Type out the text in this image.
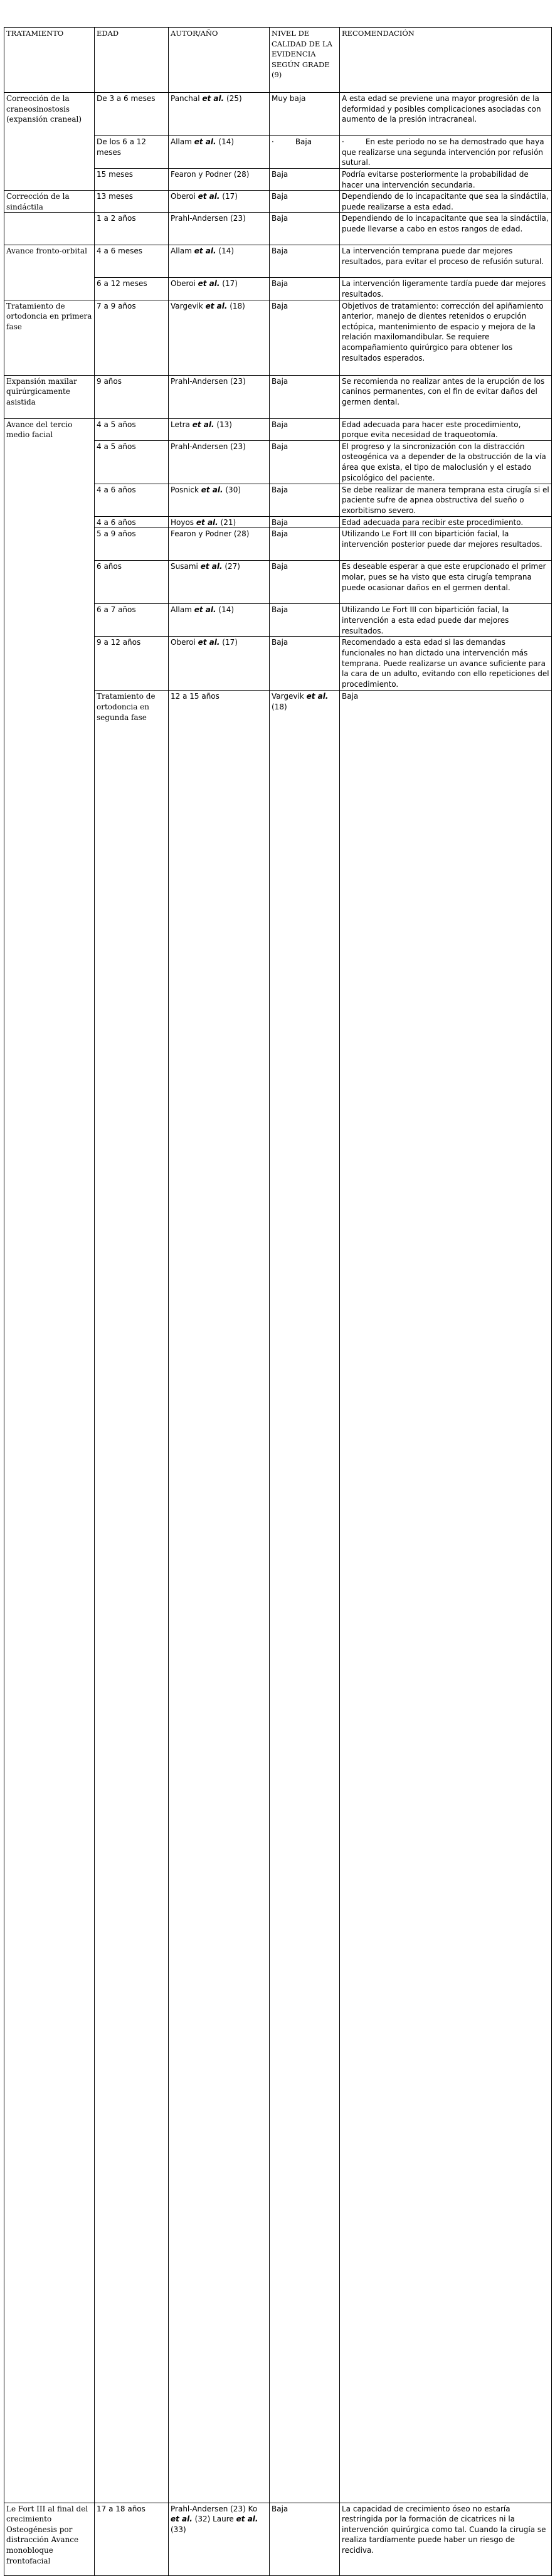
TRATAMIENTO	EDAD	AUTOR/AÑO	NIVEL DE CALIDAD DE LA EVIDENCIA SEGÚN GRADE (9)	RECOMENDACIÓN	
Corrección de la craneosinostosis (expansión craneal)	De 3 a 6 meses	Panchal et al. (25)	Muy baja	A esta edad se previene una mayor progresión de la deformidad y posibles complicaciones asociadas con aumento de la presión intracraneal.	
	De los 6 a 12 meses	Allam et al. (14)	· Baja	· En este periodo no se ha demostrado que haya que realizarse una segunda intervención por refusión sutural.	
	15 meses	Fearon y Podner (28)	Baja	Podría evitarse posteriormente la probabilidad de hacer una intervención secundaria.	
Corrección de la sindáctila	13 meses	Oberoi et al. (17)	Baja	Dependiendo de lo incapacitante que sea la sindáctila, puede realizarse a esta edad.	
	1 a 2 años	Prahl-Andersen (23)	Baja	Dependiendo de lo incapacitante que sea la sindáctila, puede llevarse a cabo en estos rangos de edad.	
Avance fronto-orbital	4 a 6 meses	Allam et al. (14)	Baja	La intervención temprana puede dar mejores resultados, para evitar el proceso de refusión sutural.	
	6 a 12 meses	Oberoi et al. (17)	Baja	La intervención ligeramente tardía puede dar mejores resultados.	
Tratamiento de ortodoncia en primera fase	7 a 9 años	Vargevik et al. (18)	Baja	Objetivos de tratamiento: corrección del apiñamiento anterior, manejo de dientes retenidos o erupción ectópica, mantenimiento de espacio y mejora de la relación maxilomandibular. Se requiere acompañamiento quirúrgico para obtener los resultados esperados.	
Expansión maxilar quirúrgicamente asistida	9 años	Prahl-Andersen (23)	Baja	Se recomienda no realizar antes de la erupción de los caninos permanentes, con el fin de evitar daños del germen dental.	
Avance del tercio medio facial	4 a 5 años	Letra et al. (13)	Baja	Edad adecuada para hacer este procedimiento, porque evita necesidad de traqueotomía.	
	4 a 5 años	Prahl-Andersen (23)	Baja	El progreso y la sincronización con la distracción osteogénica va a depender de la obstrucción de la vía área que exista, el tipo de maloclusión y el estado psicológico del paciente.	
	4 a 6 años	Posnick et al. (30)	Baja	Se debe realizar de manera temprana esta cirugía si el paciente sufre de apnea obstructiva del sueño o exorbitismo severo.	
	4 a 6 años	Hoyos et al. (21)	Baja	Edad adecuada para recibir este procedimiento.	
	5 a 9 años	Fearon y Podner (28)	Baja	Utilizando Le Fort III con bipartición facial, la intervención posterior puede dar mejores resultados.	
	6 años	Susami et al. (27)	Baja	Es deseable esperar a que este erupcionado el primer molar, pues se ha visto que esta cirugía temprana puede ocasionar daños en el germen dental.	
	6 a 7 años	Allam et al. (14)	Baja	Utilizando Le Fort III con bipartición facial, la intervención a esta edad puede dar mejores resultados.	
	9 a 12 años	Oberoi et al. (17)	Baja	Recomendado a esta edad si las demandas funcionales no han dictado una intervención más temprana. Puede realizarse un avance suficiente para la cara de un adulto, evitando con ello repeticiones del procedimiento.	
	Tratamiento de ortodoncia en segunda fase	12 a 15 años	Vargevik et al. (18)	Baja	
Le Fort III al final del crecimiento Osteogénesis por distracción Avance monobloque frontofacial	17 a 18 años	Prahl-Andersen (23) Ko et al. (32) Laure et al. (33)	Baja	La capacidad de crecimiento óseo no estaría restringida por la formación de cicatrices ni la intervención quirúrgica como tal. Cuando la cirugía se realiza tardíamente puede haber un riesgo de recidiva.	
